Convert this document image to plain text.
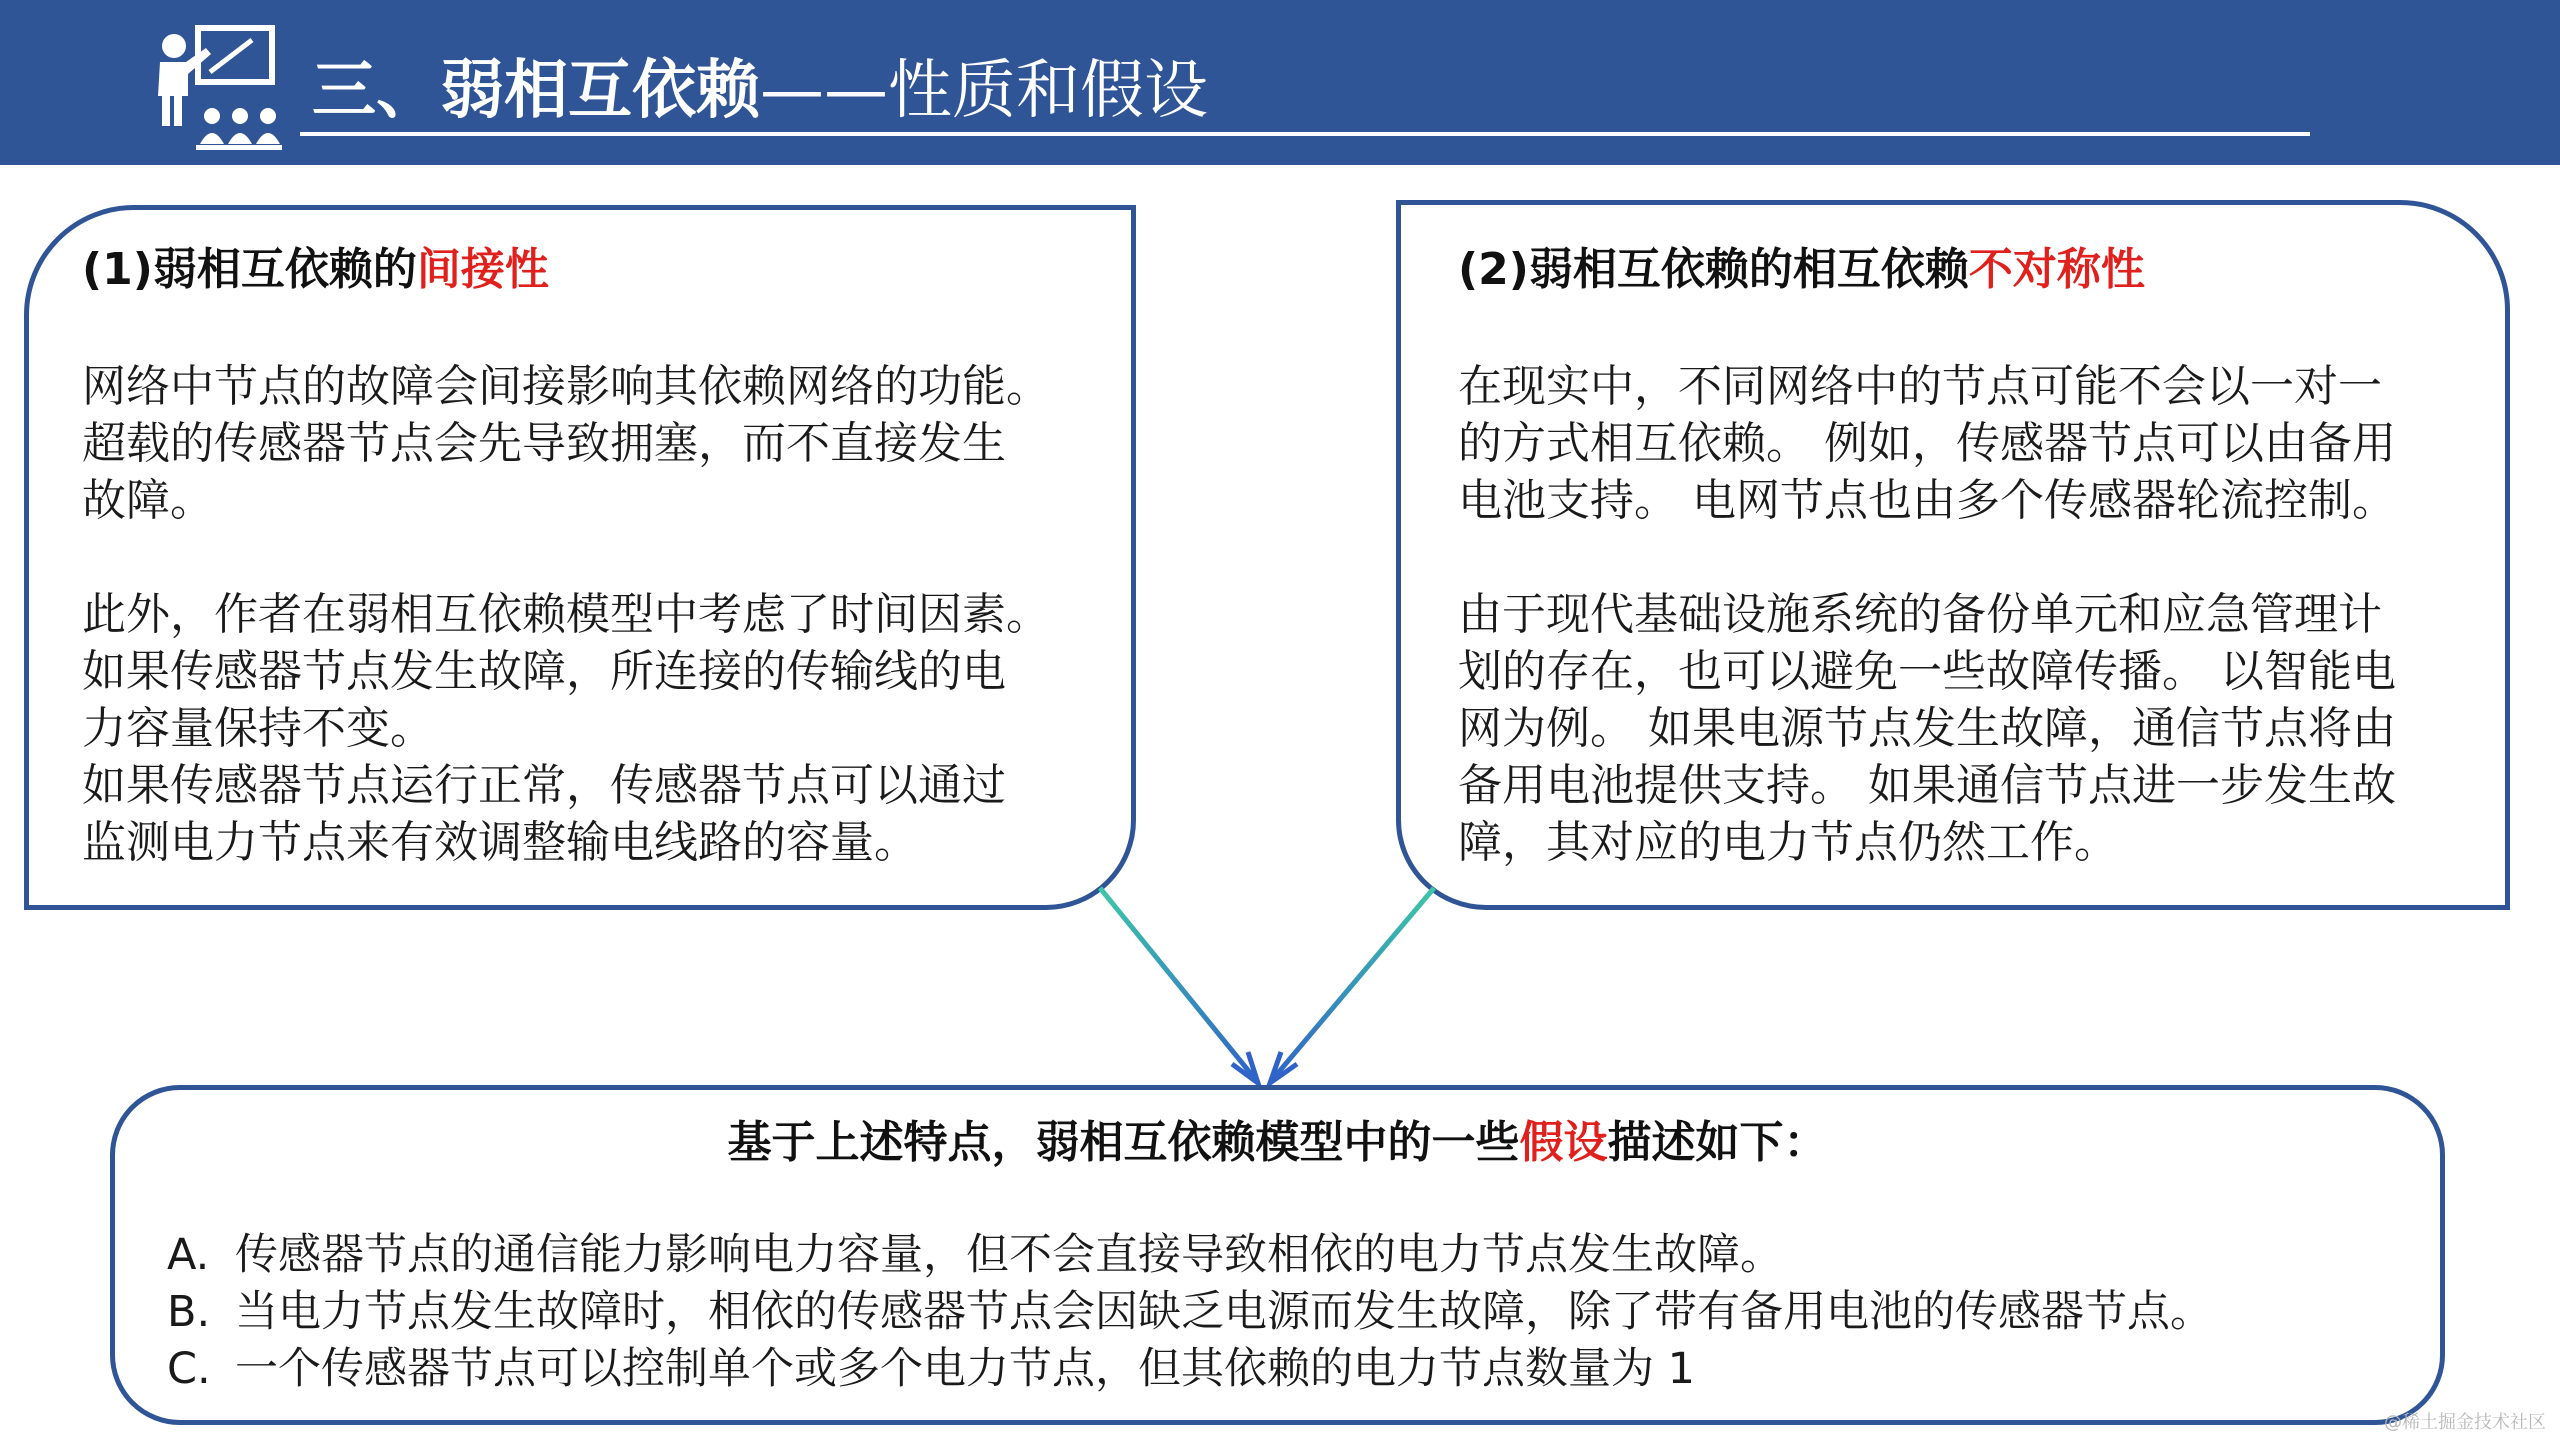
三、弱相互依赖——性质和假设
(1)弱相互依赖的间接性
网络中节点的故障会间接影响其依赖网络的功能。
超载的传感器节点会先导致拥塞，而不直接发生
故障。
此外，作者在弱相互依赖模型中考虑了时间因素。
如果传感器节点发生故障，所连接的传输线的电
力容量保持不变。
如果传感器节点运行正常，传感器节点可以通过
监测电力节点来有效调整输电线路的容量。
(2)弱相互依赖的相互依赖不对称性
在现实中，不同网络中的节点可能不会以一对一
的方式相互依赖。 例如，传感器节点可以由备用
电池支持。 电网节点也由多个传感器轮流控制。
由于现代基础设施系统的备份单元和应急管理计
划的存在，也可以避免一些故障传播。 以智能电
网为例。 如果电源节点发生故障，通信节点将由
备用电池提供支持。 如果通信节点进一步发生故
障，其对应的电力节点仍然工作。
基于上述特点，弱相互依赖模型中的一些假设描述如下：
A. 传感器节点的通信能力影响电力容量，但不会直接导致相依的电力节点发生故障。
B. 当电力节点发生故障时，相依的传感器节点会因缺乏电源而发生故障，除了带有备用电池的传感器节点。
C. 一个传感器节点可以控制单个或多个电力节点，但其依赖的电力节点数量为 1
@稀土掘金技术社区
